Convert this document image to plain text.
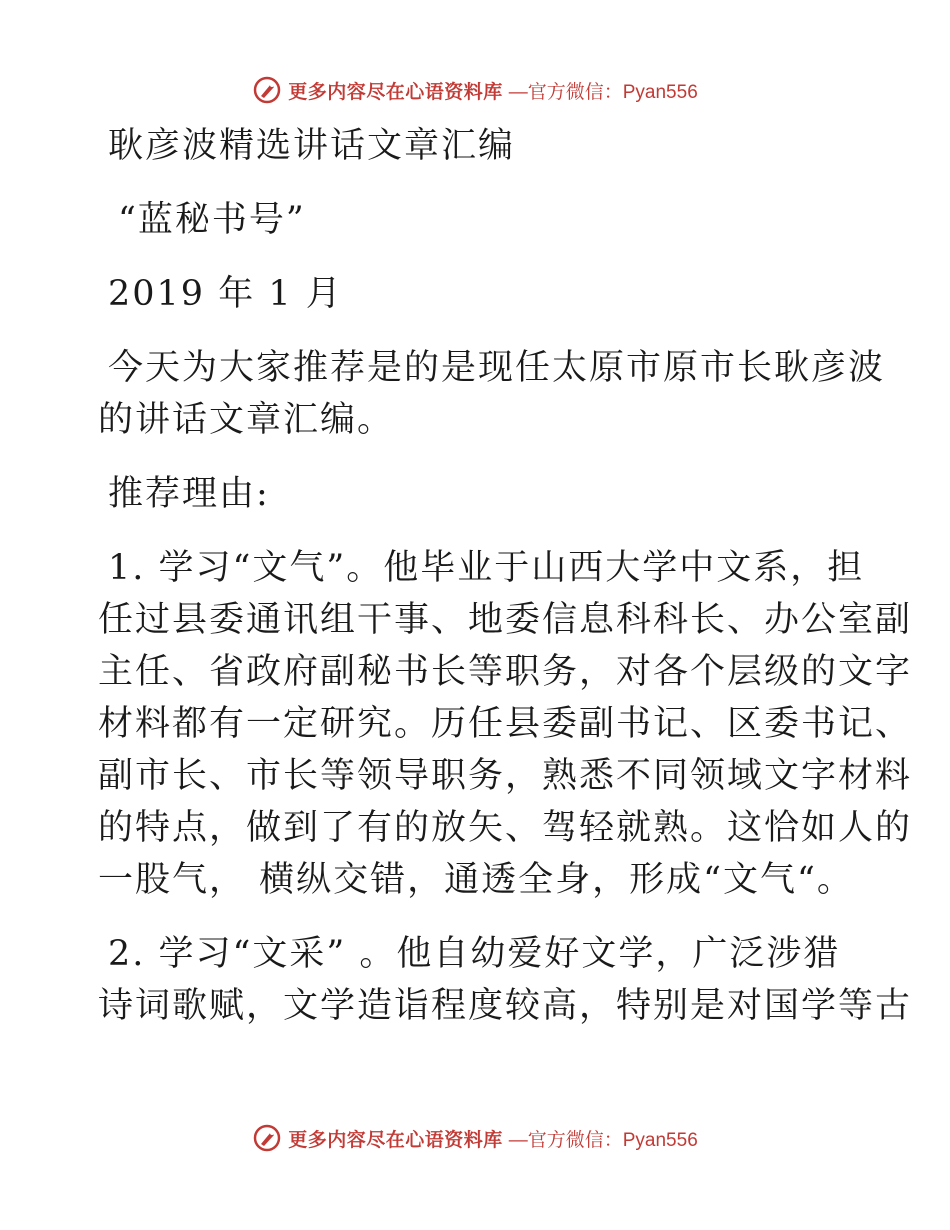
更多内容尽在心语资料库 —官方微信：Pyan556

耿彦波精选讲话文章汇编

“蓝秘书号”

2019 年 1 月

今天为大家推荐是的是现任太原市原市长耿彦波

的讲话文章汇编。

推荐理由:

1. 学习“文气”。他毕业于山西大学中文系，担

任过县委通讯组干事、地委信息科科长、办公室副

主任、省政府副秘书长等职务，对各个层级的文字

材料都有一定研究。历任县委副书记、区委书记、

副市长、市长等领导职务，熟悉不同领域文字材料

的特点，做到了有的放矢、驾轻就熟。这恰如人的

一股气， 横纵交错，通透全身，形成“文气“。

2. 学习“文采” 。他自幼爱好文学，广泛涉猎

诗词歌赋，文学造诣程度较高，特别是对国学等古

更多内容尽在心语资料库 —官方微信：Pyan556
